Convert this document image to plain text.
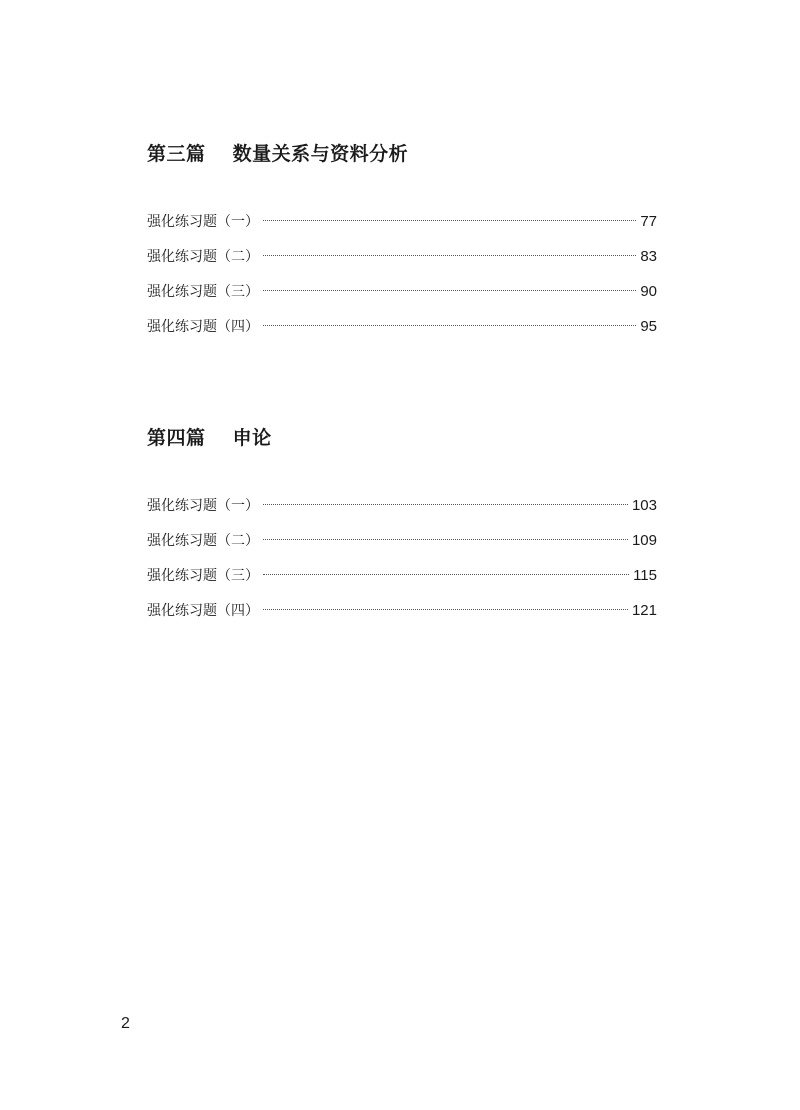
第三篇 数量关系与资料分析
强化练习题（一）	77
强化练习题（二）	83
强化练习题（三）	90
强化练习题（四）	95
第四篇 申论
强化练习题（一）	103
强化练习题（二）	109
强化练习题（三）	115
强化练习题（四）	121
2
